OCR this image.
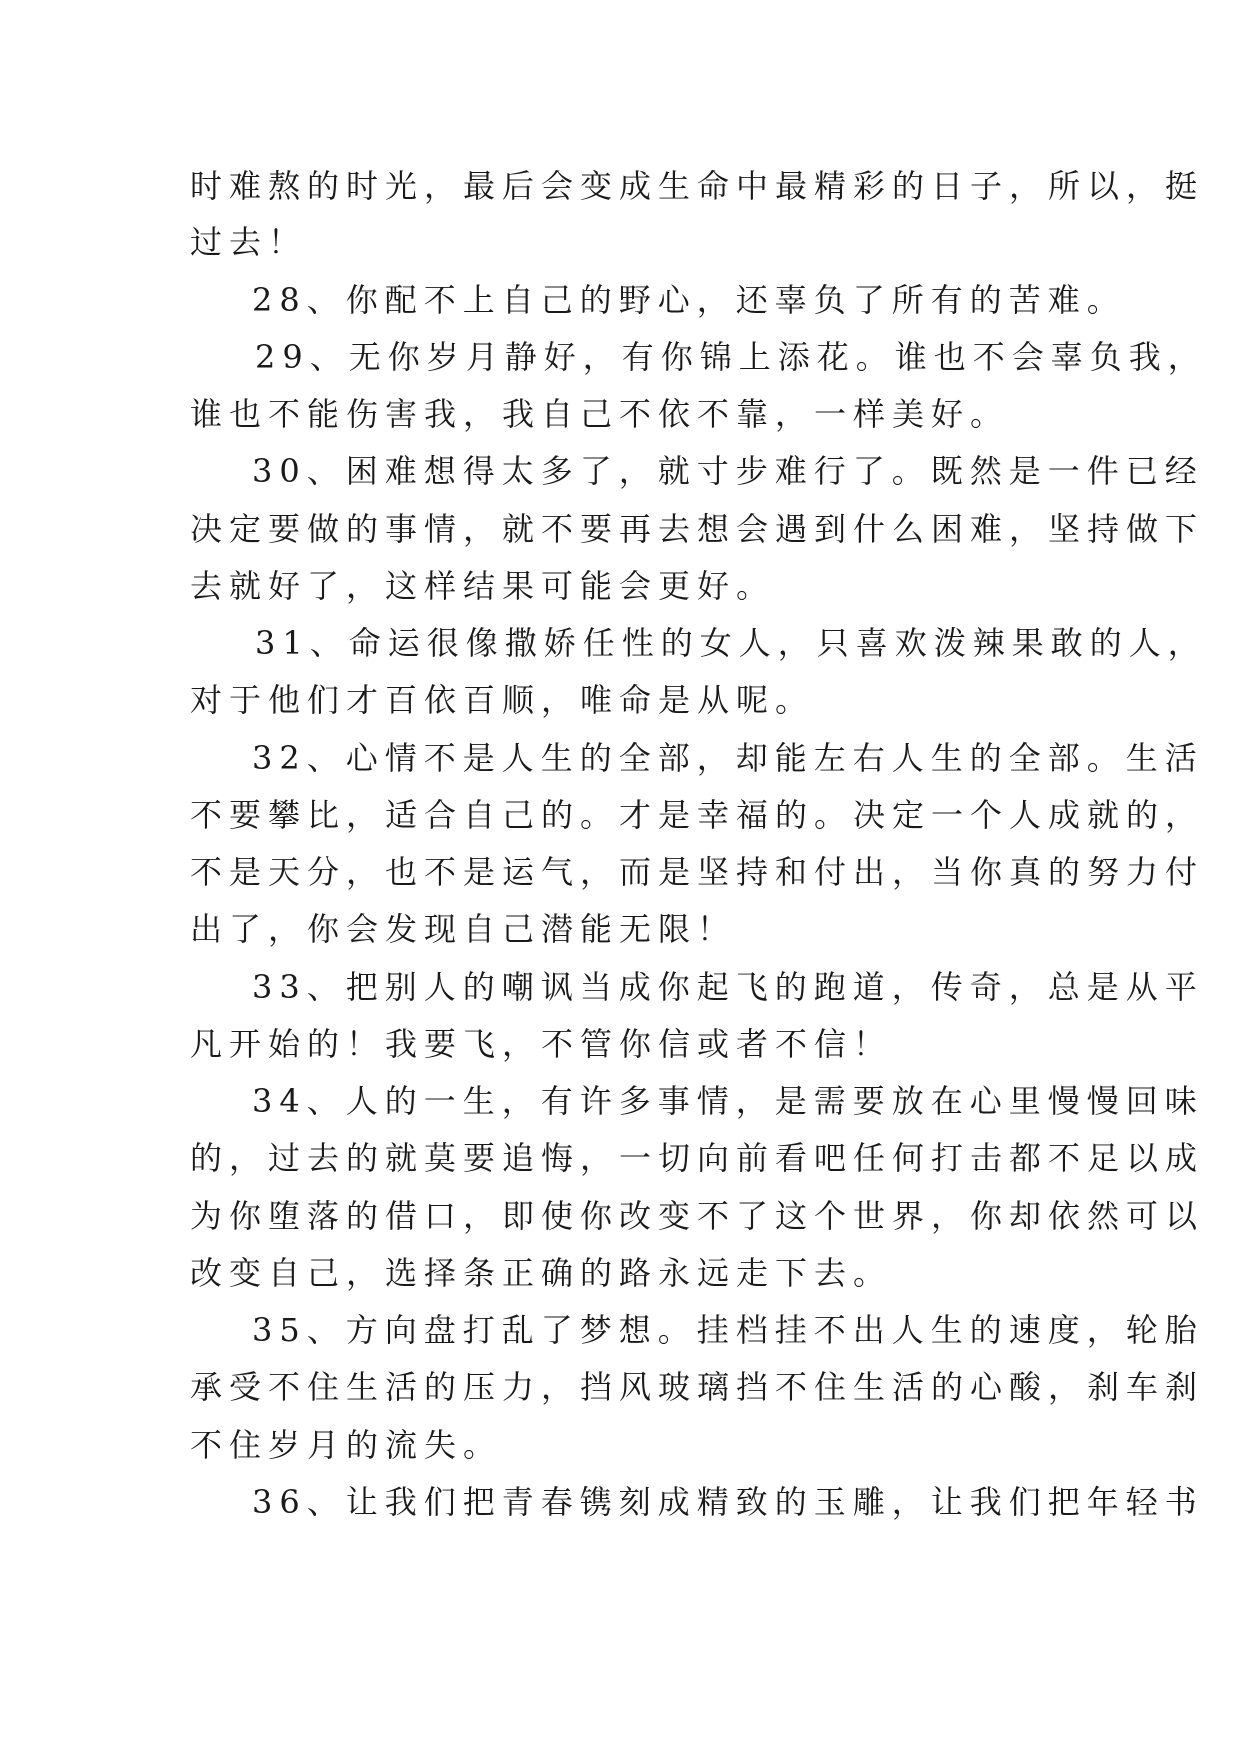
时难熬的时光，最后会变成生命中最精彩的日子，所以，挺
过去！
28、你配不上自己的野心，还辜负了所有的苦难。
29、无你岁月静好，有你锦上添花。谁也不会辜负我，
谁也不能伤害我，我自己不依不靠，一样美好。
30、困难想得太多了，就寸步难行了。既然是一件已经
决定要做的事情，就不要再去想会遇到什么困难，坚持做下
去就好了，这样结果可能会更好。
31、命运很像撒娇任性的女人，只喜欢泼辣果敢的人，
对于他们才百依百顺，唯命是从呢。
32、心情不是人生的全部，却能左右人生的全部。生活
不要攀比，适合自己的。才是幸福的。决定一个人成就的，
不是天分，也不是运气，而是坚持和付出，当你真的努力付
出了，你会发现自己潜能无限！
33、把别人的嘲讽当成你起飞的跑道，传奇，总是从平
凡开始的！我要飞，不管你信或者不信！
34、人的一生，有许多事情，是需要放在心里慢慢回味
的，过去的就莫要追悔，一切向前看吧任何打击都不足以成
为你堕落的借口，即使你改变不了这个世界，你却依然可以
改变自己，选择条正确的路永远走下去。
35、方向盘打乱了梦想。挂档挂不出人生的速度，轮胎
承受不住生活的压力，挡风玻璃挡不住生活的心酸，刹车刹
不住岁月的流失。
36、让我们把青春镌刻成精致的玉雕，让我们把年轻书
